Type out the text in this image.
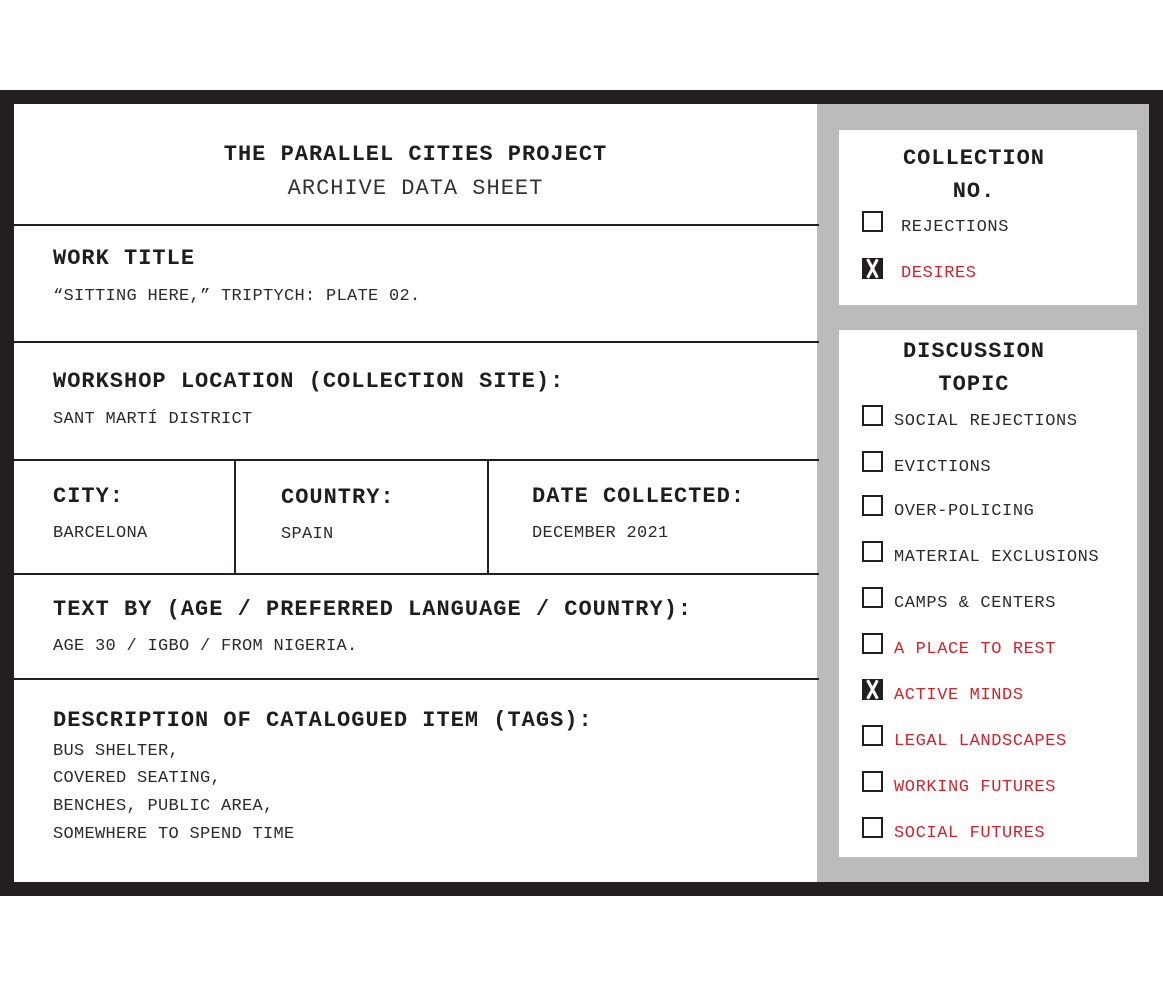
THE PARALLEL CITIES PROJECT
ARCHIVE DATA SHEET
WORK TITLE
“SITTING HERE,” TRIPTYCH: PLATE 02.
WORKSHOP LOCATION (COLLECTION SITE):
SANT MARTÍ DISTRICT
CITY:
BARCELONA
COUNTRY:
SPAIN
DATE COLLECTED:
DECEMBER 2021
TEXT BY (AGE / PREFERRED LANGUAGE / COUNTRY):
AGE 30 / IGBO / FROM NIGERIA.
DESCRIPTION OF CATALOGUED ITEM (TAGS):
BUS SHELTER,
COVERED SEATING,
BENCHES, PUBLIC AREA,
SOMEWHERE TO SPEND TIME
COLLECTION
NO.
REJECTIONS
DESIRES
DISCUSSION
TOPIC
SOCIAL REJECTIONS
EVICTIONS
OVER-POLICING
MATERIAL EXCLUSIONS
CAMPS & CENTERS
A PLACE TO REST
ACTIVE MINDS
LEGAL LANDSCAPES
WORKING FUTURES
SOCIAL FUTURES
